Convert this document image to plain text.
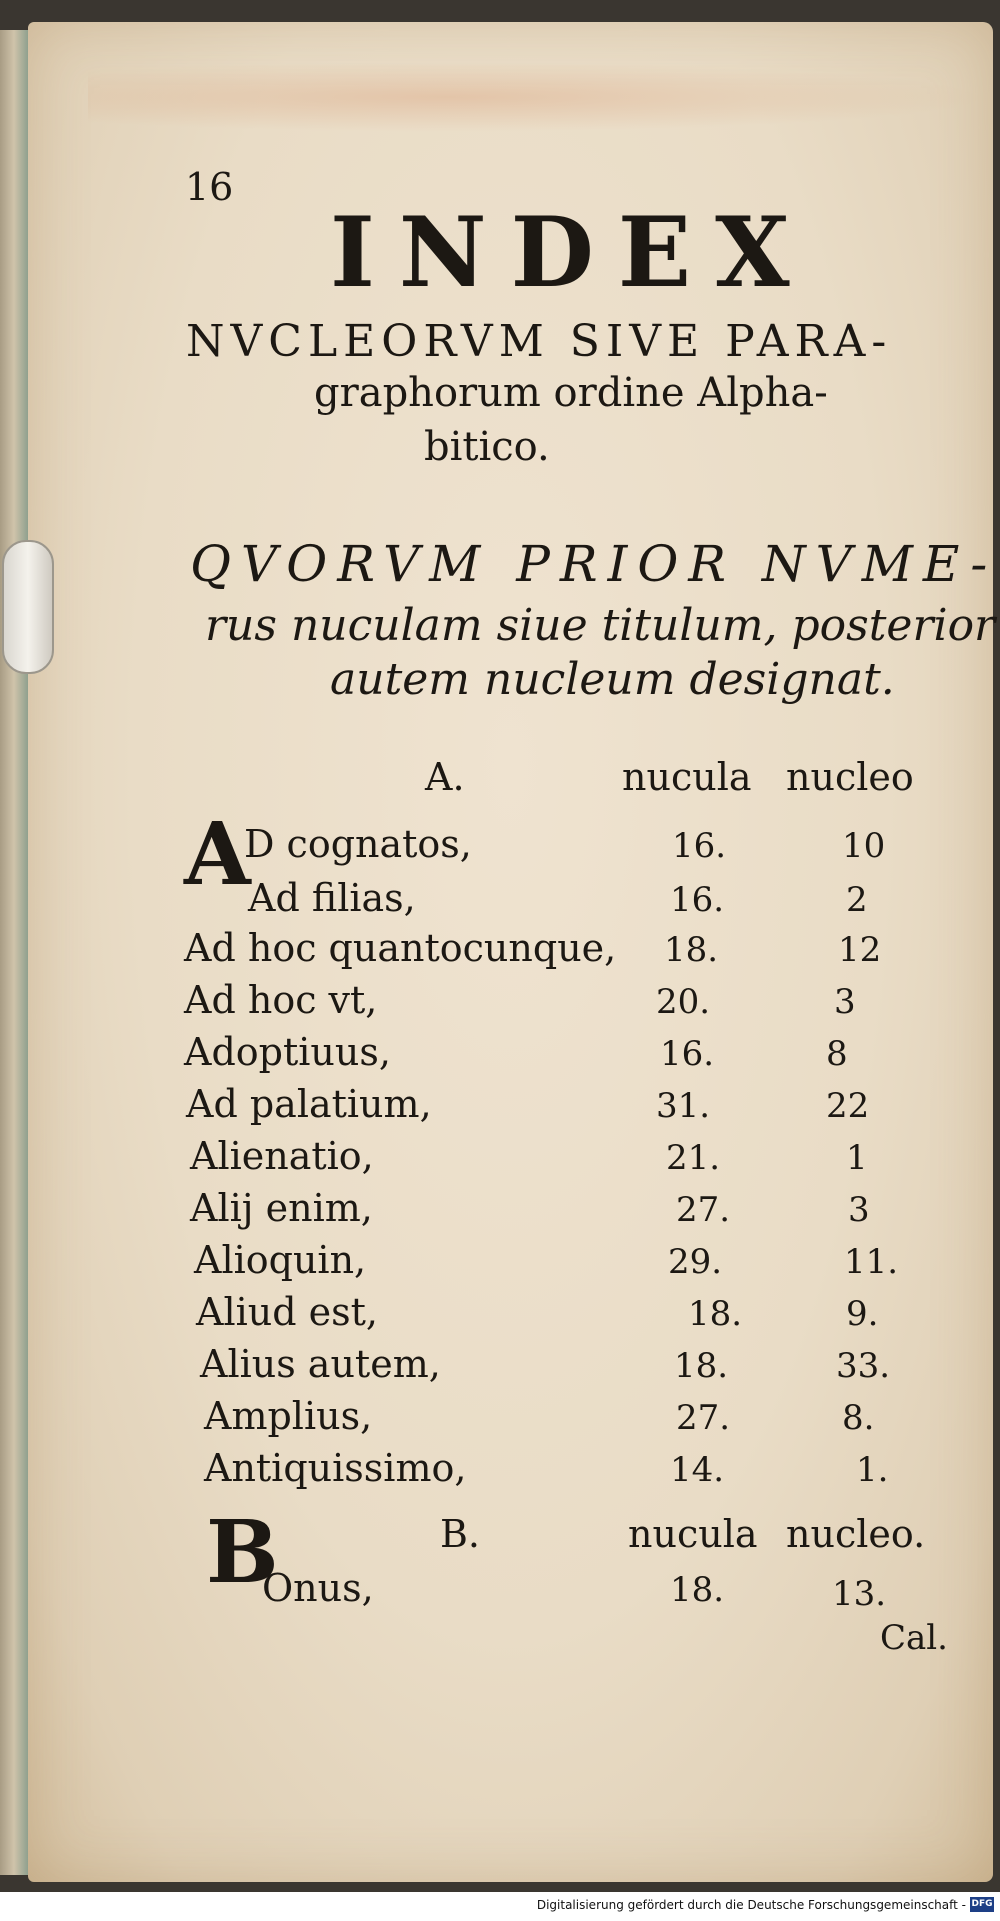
16
INDEX
NVCLEORVM SIVE PARA-
graphorum ordine Alpha-
bitico.
QVORVM PRIOR NVME-
rus nuculam siue titulum, posterior
autem nucleum designat.
A.	nucula nucleo
A
D cognatos,	16.	10
Ad filias,	16.	2
Ad hoc quantocunque, 18.	12
Ad hoc vt,	20.	3
Adoptiuus,	16.	8
Ad palatium,	31.	22
Alienatio,	21.	1
Alij enim,	27.	3
Alioquin,	29.	11.
Aliud est,	18.	9.
Alius autem,	18.	33.
Amplius,	27.	8.
Antiquissimo,	14.	1.
B.	nucula nucleo.
B
Onus,	18.	13.
Cal.
Digitalisierung gefördert durch die Deutsche Forschungsgemeinschaft - DFG
